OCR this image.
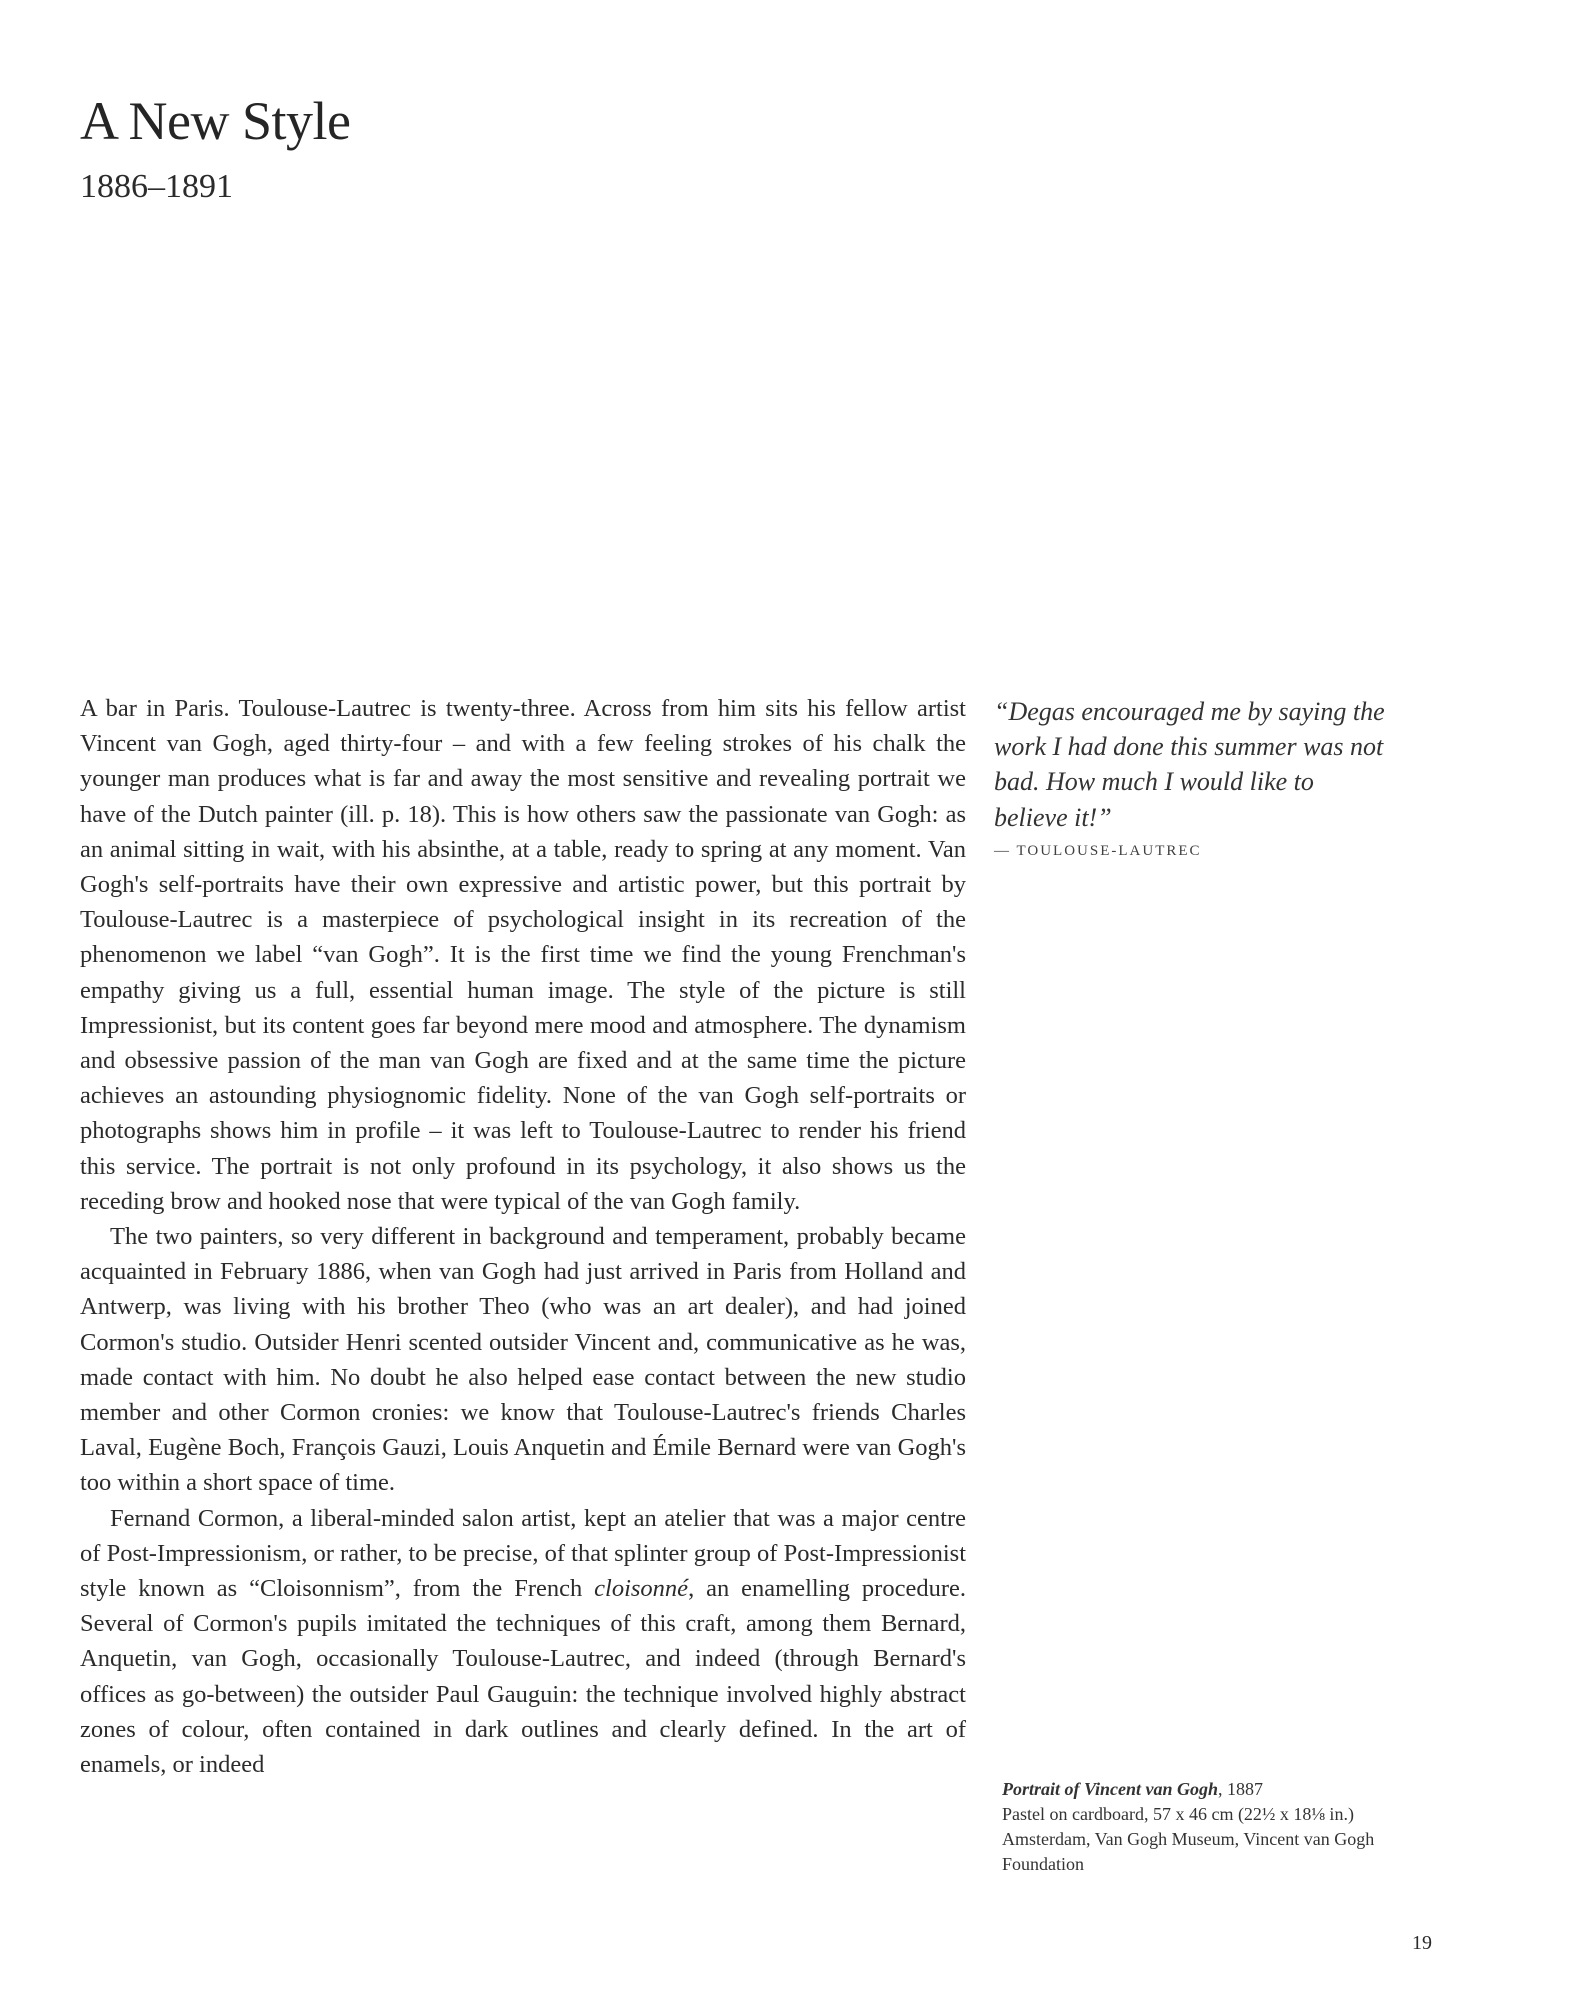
A New Style
1886–1891

A bar in Paris. Toulouse-Lautrec is twenty-three. Across from him sits his fellow artist Vincent van Gogh, aged thirty-four – and with a few feeling strokes of his chalk the younger man produces what is far and away the most sensitive and revealing portrait we have of the Dutch painter (ill. p. 18). This is how others saw the passionate van Gogh: as an animal sitting in wait, with his absinthe, at a table, ready to spring at any moment. Van Gogh's self-portraits have their own expressive and artistic power, but this portrait by Toulouse-Lautrec is a masterpiece of psychological insight in its recreation of the phenomenon we label “van Gogh”. It is the first time we find the young Frenchman's empathy giving us a full, essential human image. The style of the picture is still Impressionist, but its content goes far beyond mere mood and atmosphere. The dynamism and obsessive passion of the man van Gogh are fixed and at the same time the picture achieves an astounding physiognomic fidelity. None of the van Gogh self-portraits or photographs shows him in profile – it was left to Toulouse-Lautrec to render his friend this service. The portrait is not only profound in its psychology, it also shows us the receding brow and hooked nose that were typical of the van Gogh family.

The two painters, so very different in background and temperament, probably became acquainted in February 1886, when van Gogh had just arrived in Paris from Holland and Antwerp, was living with his brother Theo (who was an art dealer), and had joined Cormon's studio. Outsider Henri scented outsider Vincent and, communicative as he was, made contact with him. No doubt he also helped ease contact between the new studio member and other Cormon cronies: we know that Toulouse-Lautrec's friends Charles Laval, Eugène Boch, François Gauzi, Louis Anquetin and Émile Bernard were van Gogh's too within a short space of time.

Fernand Cormon, a liberal-minded salon artist, kept an atelier that was a major centre of Post-Impressionism, or rather, to be precise, of that splinter group of Post-Impressionist style known as “Cloisonnism”, from the French cloisonné, an enamelling procedure. Several of Cormon's pupils imitated the techniques of this craft, among them Bernard, Anquetin, van Gogh, occasionally Toulouse-Lautrec, and indeed (through Bernard's offices as go-between) the outsider Paul Gauguin: the technique involved highly abstract zones of colour, often contained in dark outlines and clearly defined. In the art of enamels, or indeed

“Degas encouraged me by saying the work I had done this summer was not bad. How much I would like to believe it!”

— TOULOUSE-LAUTREC
Portrait of Vincent van Gogh, 1887
Pastel on cardboard, 57 x 46 cm (22½ x 18⅛ in.)
Amsterdam, Van Gogh Museum, Vincent van Gogh Foundation
19
